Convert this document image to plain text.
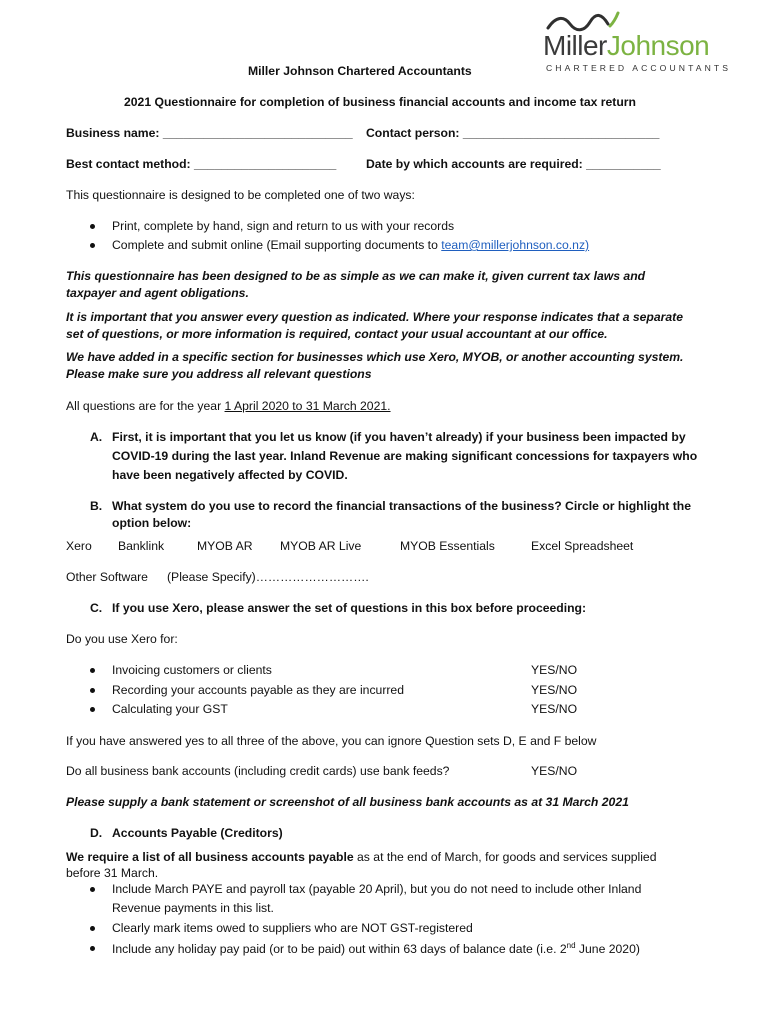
MillerJohnson
CHARTERED ACCOUNTANTS
Miller Johnson Chartered Accountants
2021 Questionnaire for completion of business financial accounts and income tax return
Business name: ____________________________ Contact person: _____________________________
Best contact method: _____________________ Date by which accounts are required: ___________
This questionnaire is designed to be completed one of two ways:
Print, complete by hand, sign and return to us with your records
Complete and submit online (Email supporting documents to team@millerjohnson.co.nz)
This questionnaire has been designed to be as simple as we can make it, given current tax laws and
taxpayer and agent obligations.
It is important that you answer every question as indicated. Where your response indicates that a separate
set of questions, or more information is required, contact your usual accountant at our office.
We have added in a specific section for businesses which use Xero, MYOB, or another accounting system.
Please make sure you address all relevant questions
All questions are for the year 1 April 2020 to 31 March 2021.
A. First, it is important that you let us know (if you haven’t already) if your business been impacted by
COVID-19 during the last year. Inland Revenue are making significant concessions for taxpayers who
have been negatively affected by COVID.
B. What system do you use to record the financial transactions of the business? Circle or highlight the
option below:
Xero Banklink	MYOB AR MYOB AR Live	MYOB Essentials	Excel Spreadsheet
Other Software (Please Specify)……………………….
C. If you use Xero, please answer the set of questions in this box before proceeding:
Do you use Xero for:
Invoicing customers or clients	YES/NO
Recording your accounts payable as they are incurred	YES/NO
Calculating your GST	YES/NO
If you have answered yes to all three of the above, you can ignore Question sets D, E and F below
Do all business bank accounts (including credit cards) use bank feeds?	YES/NO
Please supply a bank statement or screenshot of all business bank accounts as at 31 March 2021
D. Accounts Payable (Creditors)
We require a list of all business accounts payable as at the end of March, for goods and services supplied
before 31 March.
Include March PAYE and payroll tax (payable 20 April), but you do not need to include other Inland
Revenue payments in this list.
Clearly mark items owed to suppliers who are NOT GST-registered
Include any holiday pay paid (or to be paid) out within 63 days of balance date (i.e. 2nd June 2020)
